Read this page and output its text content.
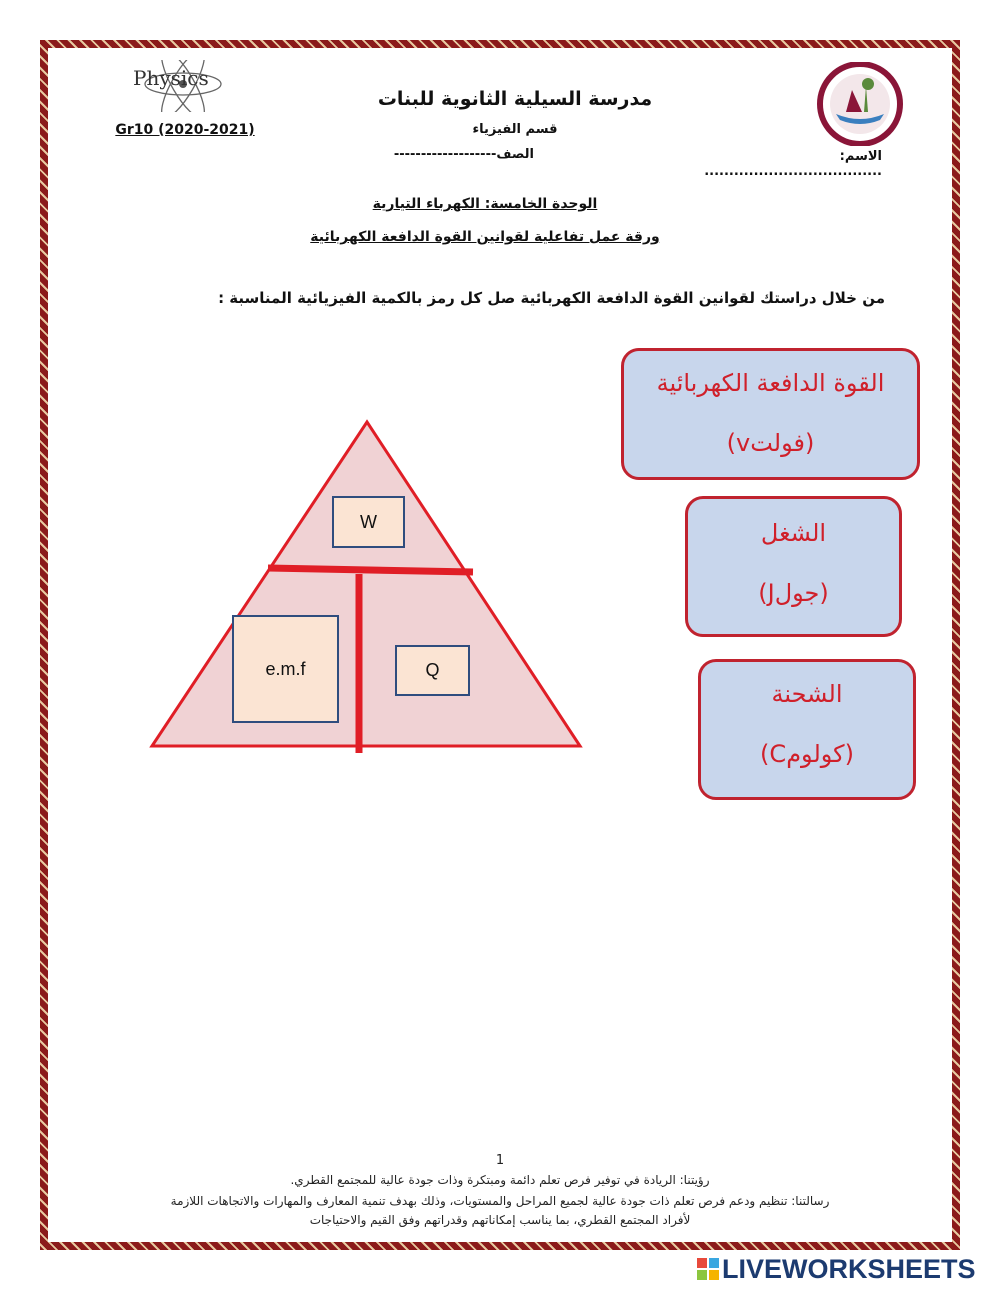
Physics
مدرسة السيلية الثانوية للبنات
قسم الفيزياء
Gr10 (2020-2021)
الاسم: ....................................
الصف-------------------
الوحدة الخامسة: الكهرباء التيارية
ورقة عمل تفاعلية لقوانين القوة الدافعة الكهربائية
من خلال دراستك لقوانين القوة الدافعة الكهربائية صل كل رمز بالكمية الفيزيائية المناسبة :
القوة الدافعة الكهربائية
(فولتv)
الشغل
(جولJ)
الشحنة
(كولومC)
W
e.m.f	Q
1
رؤيتنا: الريادة في توفير فرص تعلم دائمة ومبتكرة وذات جودة عالية للمجتمع القطري.
رسالتنا: تنظيم ودعم فرص تعلم ذات جودة عالية لجميع المراحل والمستويات، وذلك بهدف تنمية المعارف والمهارات والاتجاهات اللازمة
لأفراد المجتمع القطري، بما يناسب إمكاناتهم وقدراتهم وفق القيم والاحتياجات
LIVEWORKSHEETS
